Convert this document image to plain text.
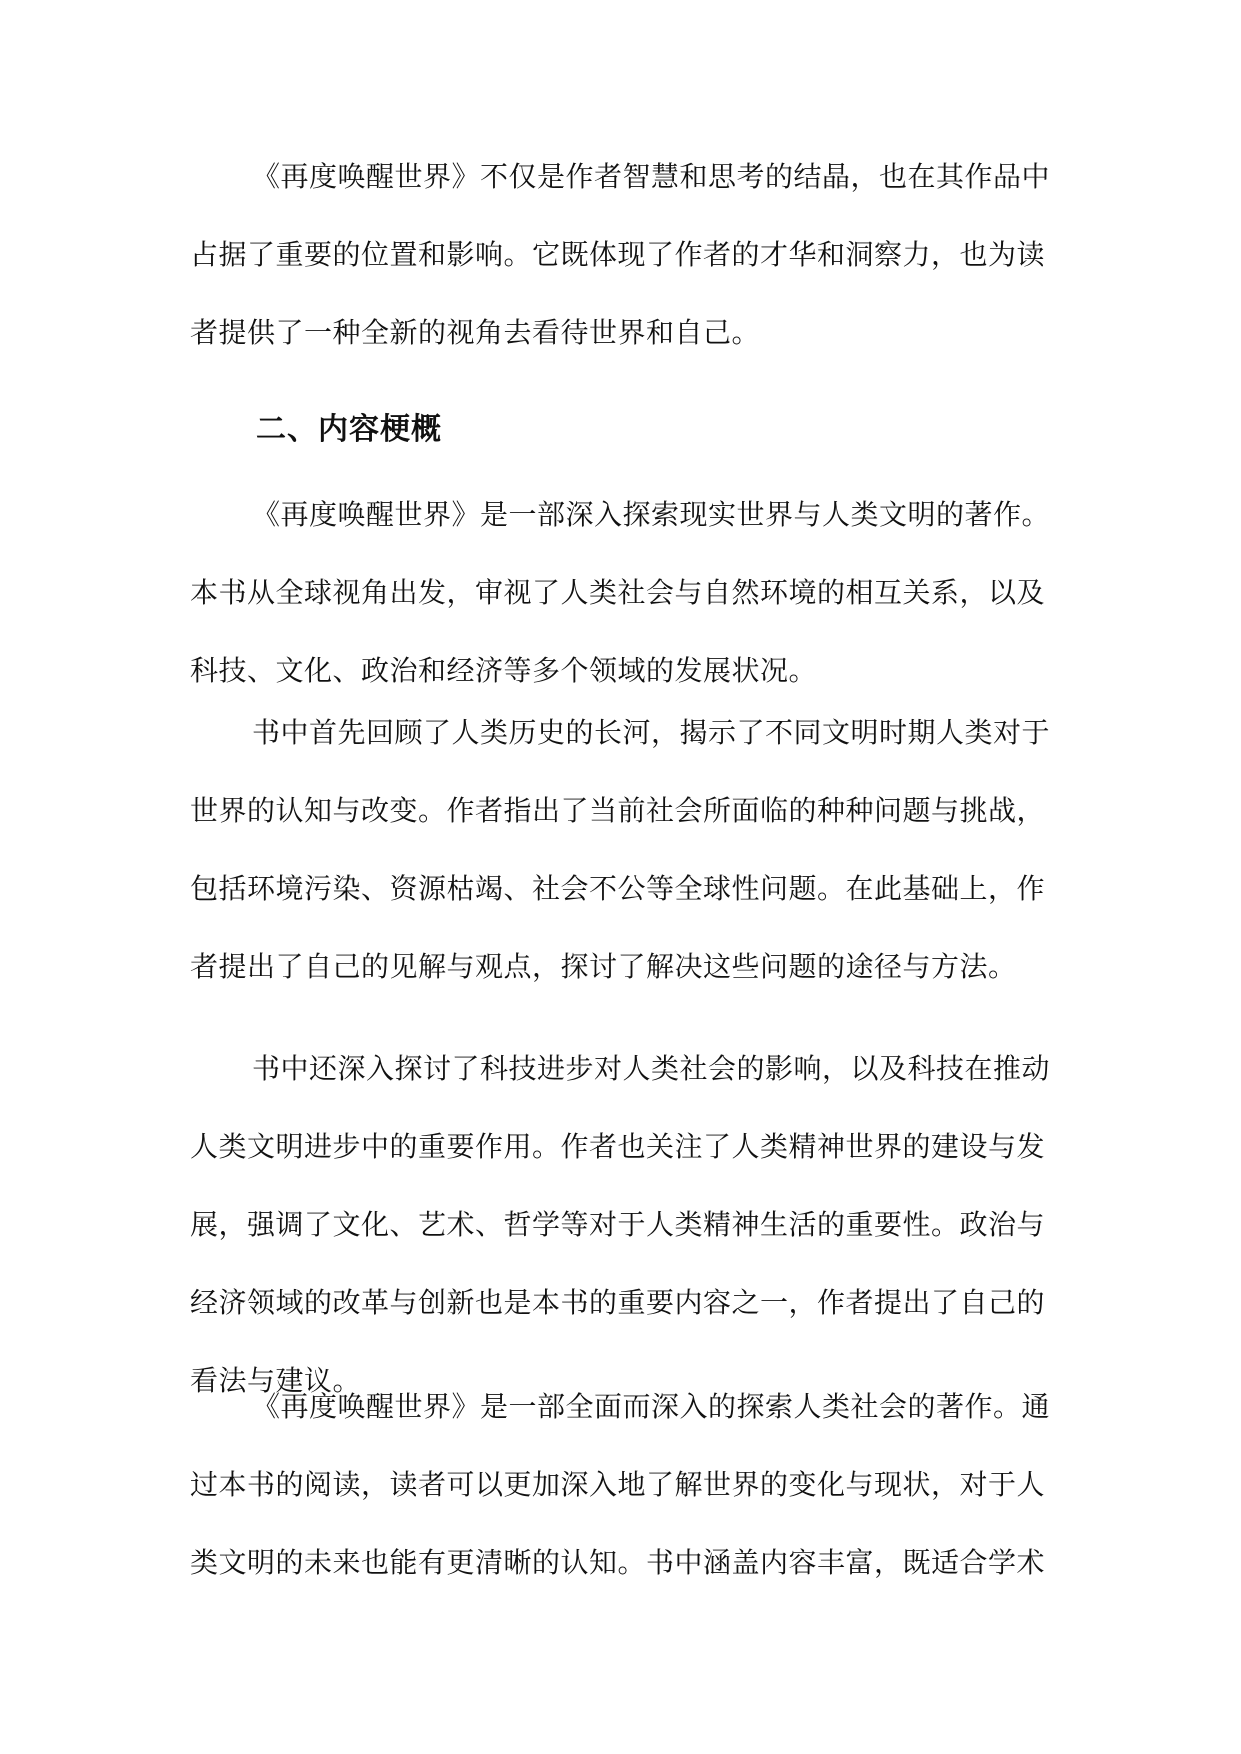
《再度唤醒世界》不仅是作者智慧和思考的结晶，也在其作品中
占据了重要的位置和影响。它既体现了作者的才华和洞察力，也为读
者提供了一种全新的视角去看待世界和自己。

二、内容梗概

《再度唤醒世界》是一部深入探索现实世界与人类文明的著作。
本书从全球视角出发，审视了人类社会与自然环境的相互关系，以及
科技、文化、政治和经济等多个领域的发展状况。

书中首先回顾了人类历史的长河，揭示了不同文明时期人类对于
世界的认知与改变。作者指出了当前社会所面临的种种问题与挑战，
包括环境污染、资源枯竭、社会不公等全球性问题。在此基础上，作
者提出了自己的见解与观点，探讨了解决这些问题的途径与方法。

书中还深入探讨了科技进步对人类社会的影响，以及科技在推动
人类文明进步中的重要作用。作者也关注了人类精神世界的建设与发
展，强调了文化、艺术、哲学等对于人类精神生活的重要性。政治与
经济领域的改革与创新也是本书的重要内容之一，作者提出了自己的
看法与建议。

《再度唤醒世界》是一部全面而深入的探索人类社会的著作。通
过本书的阅读，读者可以更加深入地了解世界的变化与现状，对于人
类文明的未来也能有更清晰的认知。书中涵盖内容丰富，既适合学术
